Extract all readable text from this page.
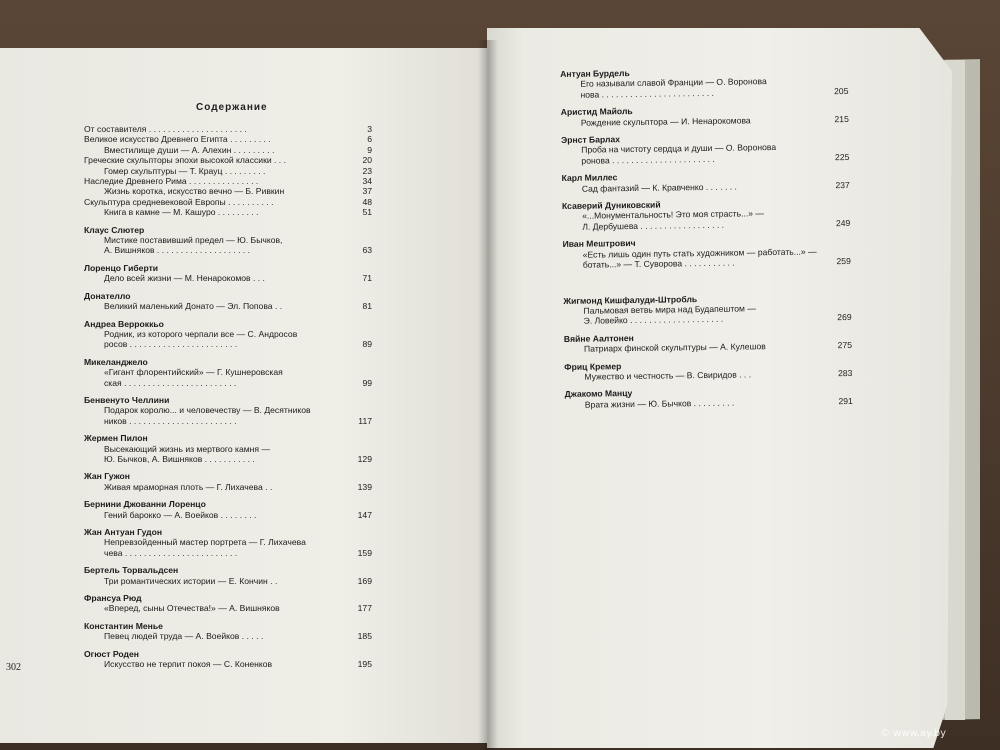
Содержание
От составителя . . . . . . . . . . . . . . . . . . . . .	3
Великое искусство Древнего Египта . . . . . . . . .	6
Вместилище души — А. Алехин . . . . . . . . .	9
Греческие скульпторы эпохи высокой классики . . .	20
Гомер скульптуры — Т. Крауц . . . . . . . . .	23
Наследие Древнего Рима . . . . . . . . . . . . . . .	34
Жизнь коротка, искусство вечно — Б. Ривкин	37
Скульптура средневековой Европы . . . . . . . . . .	48
Книга в камне — М. Кашуро . . . . . . . . .	51
Клаус Слютер
Мистике поставивший предел — Ю. Бычков,
А. Вишняков . . . . . . . . . . . . . . . . . . . .	63
Лоренцо Гиберти
Дело всей жизни — М. Ненарокомов . . .	71
Донателло
Великий маленький Донато — Эл. Попова . .	81
Андреа Верроккьо
Родник, из которого черпали все — С. Андросов
росов . . . . . . . . . . . . . . . . . . . . . . .	89
Микеланджело
«Гигант флорентийский» — Г. Кушнеровская
ская . . . . . . . . . . . . . . . . . . . . . . . .	99
Бенвенуто Челлини
Подарок королю... и человечеству — В. Десятников
ников . . . . . . . . . . . . . . . . . . . . . . .	117
Жермен Пилон
Высекающий жизнь из мертвого камня —
Ю. Бычков, А. Вишняков . . . . . . . . . . .	129
Жан Гужон
Живая мраморная плоть — Г. Лихачева . .	139
Бернини Джованни Лоренцо
Гений барокко — А. Воейков . . . . . . . .	147
Жан Антуан Гудон
Непревзойденный мастер портрета — Г. Лихачева
чева . . . . . . . . . . . . . . . . . . . . . . . .	159
Бертель Торвальдсен
Три романтических истории — Е. Кончин . .	169
Франсуа Рюд
«Вперед, сыны Отечества!» — А. Вишняков	177
Константин Менье
Певец людей труда — А. Воейков . . . . .	185
Огюст Роден
Искусство не терпит покоя — С. Коненков	195
Антуан Бурдель
Его называли славой Франции — О. Воронова
нова . . . . . . . . . . . . . . . . . . . . . . . .	205
Аристид Майоль
Рождение скульптора — И. Ненарокомова	215
Эрнст Барлах
Проба на чистоту сердца и души — О. Воронова
ронова . . . . . . . . . . . . . . . . . . . . . .	225
Карл Миллес
Сад фантазий — К. Кравченко . . . . . . .	237
Ксаверий Дуниковский
«...Монументальность! Это моя страсть...» —
Л. Дербушева . . . . . . . . . . . . . . . . . .	249
Иван Мештрович
«Есть лишь один путь стать художником — работать...» —
ботать...» — Т. Суворова . . . . . . . . . . .	259
Жигмонд Кишфалуди-Штробль
Пальмовая ветвь мира над Будапештом —
Э. Ловейко . . . . . . . . . . . . . . . . . . . .	269
Вяйне Аалтонен
Патриарх финской скульптуры — А. Кулешов	275
Фриц Кремер
Мужество и честность — В. Свиридов . . .	283
Джакомо Манцу
Врата жизни — Ю. Бычков . . . . . . . . .	291
302
© www.ay.by
